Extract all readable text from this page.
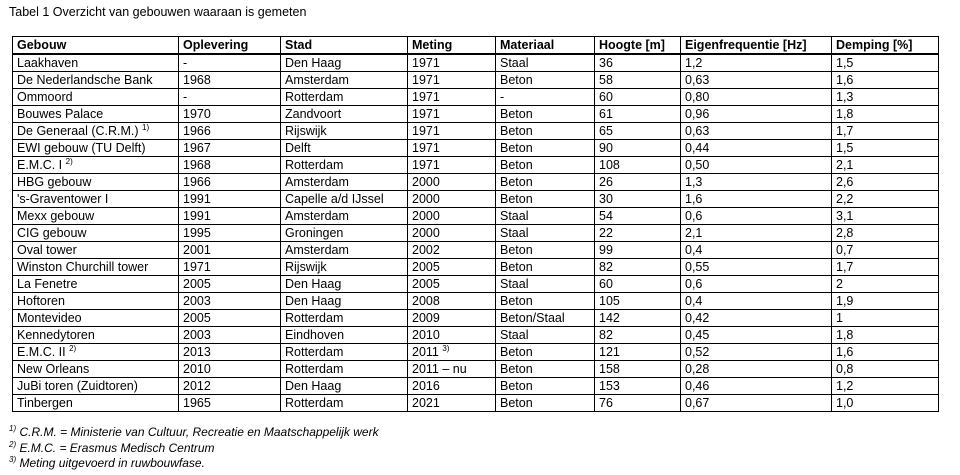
Tabel 1 Overzicht van gebouwen waaraan is gemeten
Gebouw	Oplevering	Stad	Meting	Materiaal	Hoogte [m]	Eigenfrequentie [Hz]	Demping [%]
Laakhaven	-	Den Haag	1971	Staal	36	1,2	1,5
De Nederlandsche Bank	1968	Amsterdam	1971	Beton	58	0,63	1,6
Ommoord	-	Rotterdam	1971	-	60	0,80	1,3
Bouwes Palace	1970	Zandvoort	1971	Beton	61	0,96	1,8
De Generaal (C.R.M.) $^{1)}$	1966	Rijswijk	1971	Beton	65	0,63	1,7
EWI gebouw (TU Delft)	1967	Delft	1971	Beton	90	0,44	1,5
E.M.C. I $^{2)}$	1968	Rotterdam	1971	Beton	108	0,50	2,1
HBG gebouw	1966	Amsterdam	2000	Beton	26	1,3	2,6
's-Graventower I	1991	Capelle a/d IJssel	2000	Beton	30	1,6	2,2
Mexx gebouw	1991	Amsterdam	2000	Staal	54	0,6	3,1
CIG gebouw	1995	Groningen	2000	Staal	22	2,1	2,8
Oval tower	2001	Amsterdam	2002	Beton	99	0,4	0,7
Winston Churchill tower	1971	Rijswijk	2005	Beton	82	0,55	1,7
La Fenetre	2005	Den Haag	2005	Staal	60	0,6	2
Hoftoren	2003	Den Haag	2008	Beton	105	0,4	1,9
Montevideo	2005	Rotterdam	2009	Beton/Staal	142	0,42	1
Kennedytoren	2003	Eindhoven	2010	Staal	82	0,45	1,8
E.M.C. II $^{2)}$	2013	Rotterdam	2011 $^{3)}$	Beton	121	0,52	1,6
New Orleans	2010	Rotterdam	2011 – nu	Beton	158	0,28	0,8
JuBi toren (Zuidtoren)	2012	Den Haag	2016	Beton	153	0,46	1,2
Tinbergen	1965	Rotterdam	2021	Beton	76	0,67	1,0
$^{1)}$ C.R.M. = Ministerie van Cultuur, Recreatie en Maatschappelijk werk
$^{2)}$ E.M.C. = Erasmus Medisch Centrum
$^{3)}$ Meting uitgevoerd in ruwbouwfase.
